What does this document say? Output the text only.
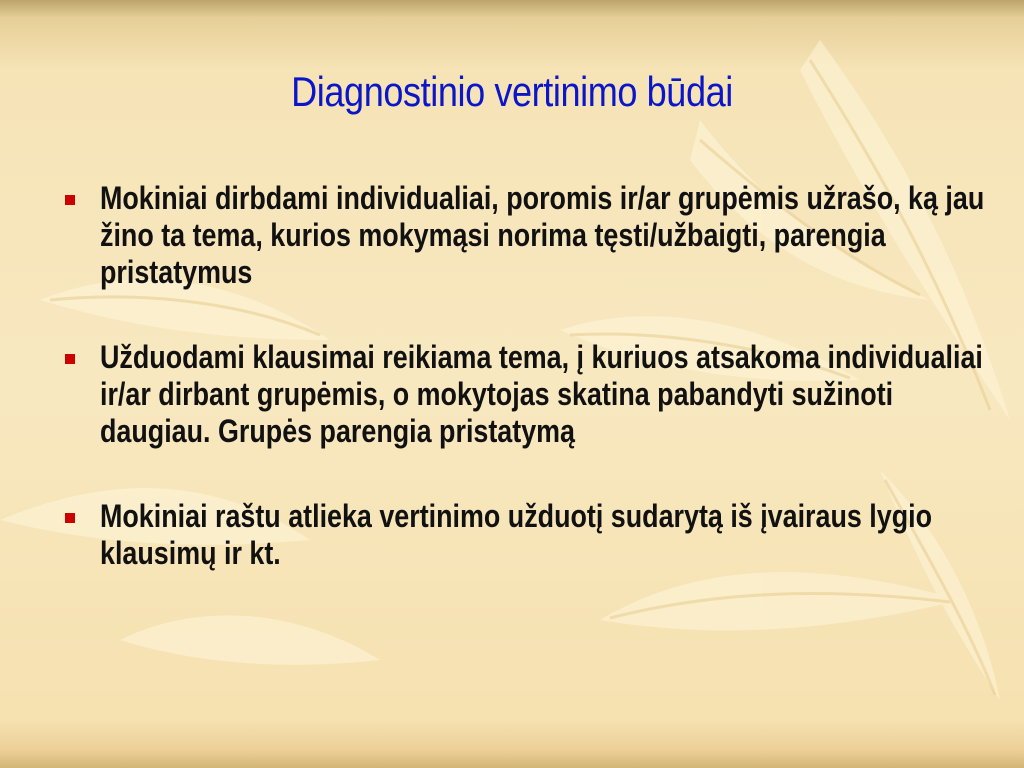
Diagnostinio vertinimo būdai
Mokiniai dirbdami individualiai, poromis ir/ar grupėmis užrašo, ką jau žino ta tema, kurios mokymąsi norima tęsti/užbaigti, parengia pristatymus
Užduodami klausimai reikiama tema, į kuriuos atsakoma individualiai ir/ar dirbant grupėmis, o mokytojas skatina pabandyti sužinoti daugiau. Grupės parengia pristatymą
Mokiniai raštu atlieka vertinimo užduotį sudarytą iš įvairaus lygio klausimų ir kt.
